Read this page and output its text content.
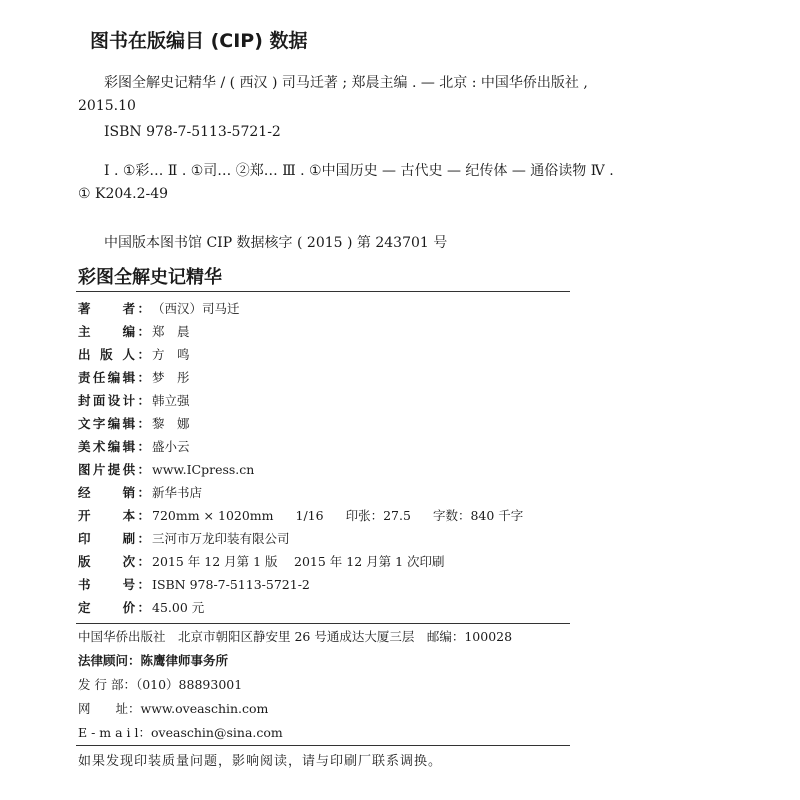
图书在版编目 (CIP) 数据
彩图全解史记精华 / ( 西汉 ) 司马迁著 ; 郑晨主编 . — 北京 : 中国华侨出版社 ,
2015.10
ISBN 978-7-5113-5721-2
Ⅰ . ①彩… Ⅱ . ①司… ②郑… Ⅲ . ①中国历史 — 古代史 — 纪传体 — 通俗读物 Ⅳ .
① K204.2-49
中国版本图书馆 CIP 数据核字 ( 2015 ) 第 243701 号
彩图全解史记精华
著　　者： （西汉）司马迁
主　　编： 郑　晨
出 版 人： 方　鸣
责任编辑： 梦　彤
封面设计： 韩立强
文字编辑： 黎　娜
美术编辑： 盛小云
图片提供： www.ICpress.cn
经　　销： 新华书店
开　　本： 720mm × 1020mm 1/16 印张：27.5 字数：840 千字
印　　刷： 三河市万龙印装有限公司
版　　次： 2015 年 12 月第 1 版　 2015 年 12 月第 1 次印刷
书　　号： ISBN 978-7-5113-5721-2
定　　价： 45.00 元
中国华侨出版社　北京市朝阳区静安里 26 号通成达大厦三层　邮编：100028
法律顾问：陈鹰律师事务所
发 行 部：（010）88893001
网　　址：www.oveaschin.com
E - m a i l：oveaschin@sina.com
如果发现印装质量问题，影响阅读，请与印刷厂联系调换。
